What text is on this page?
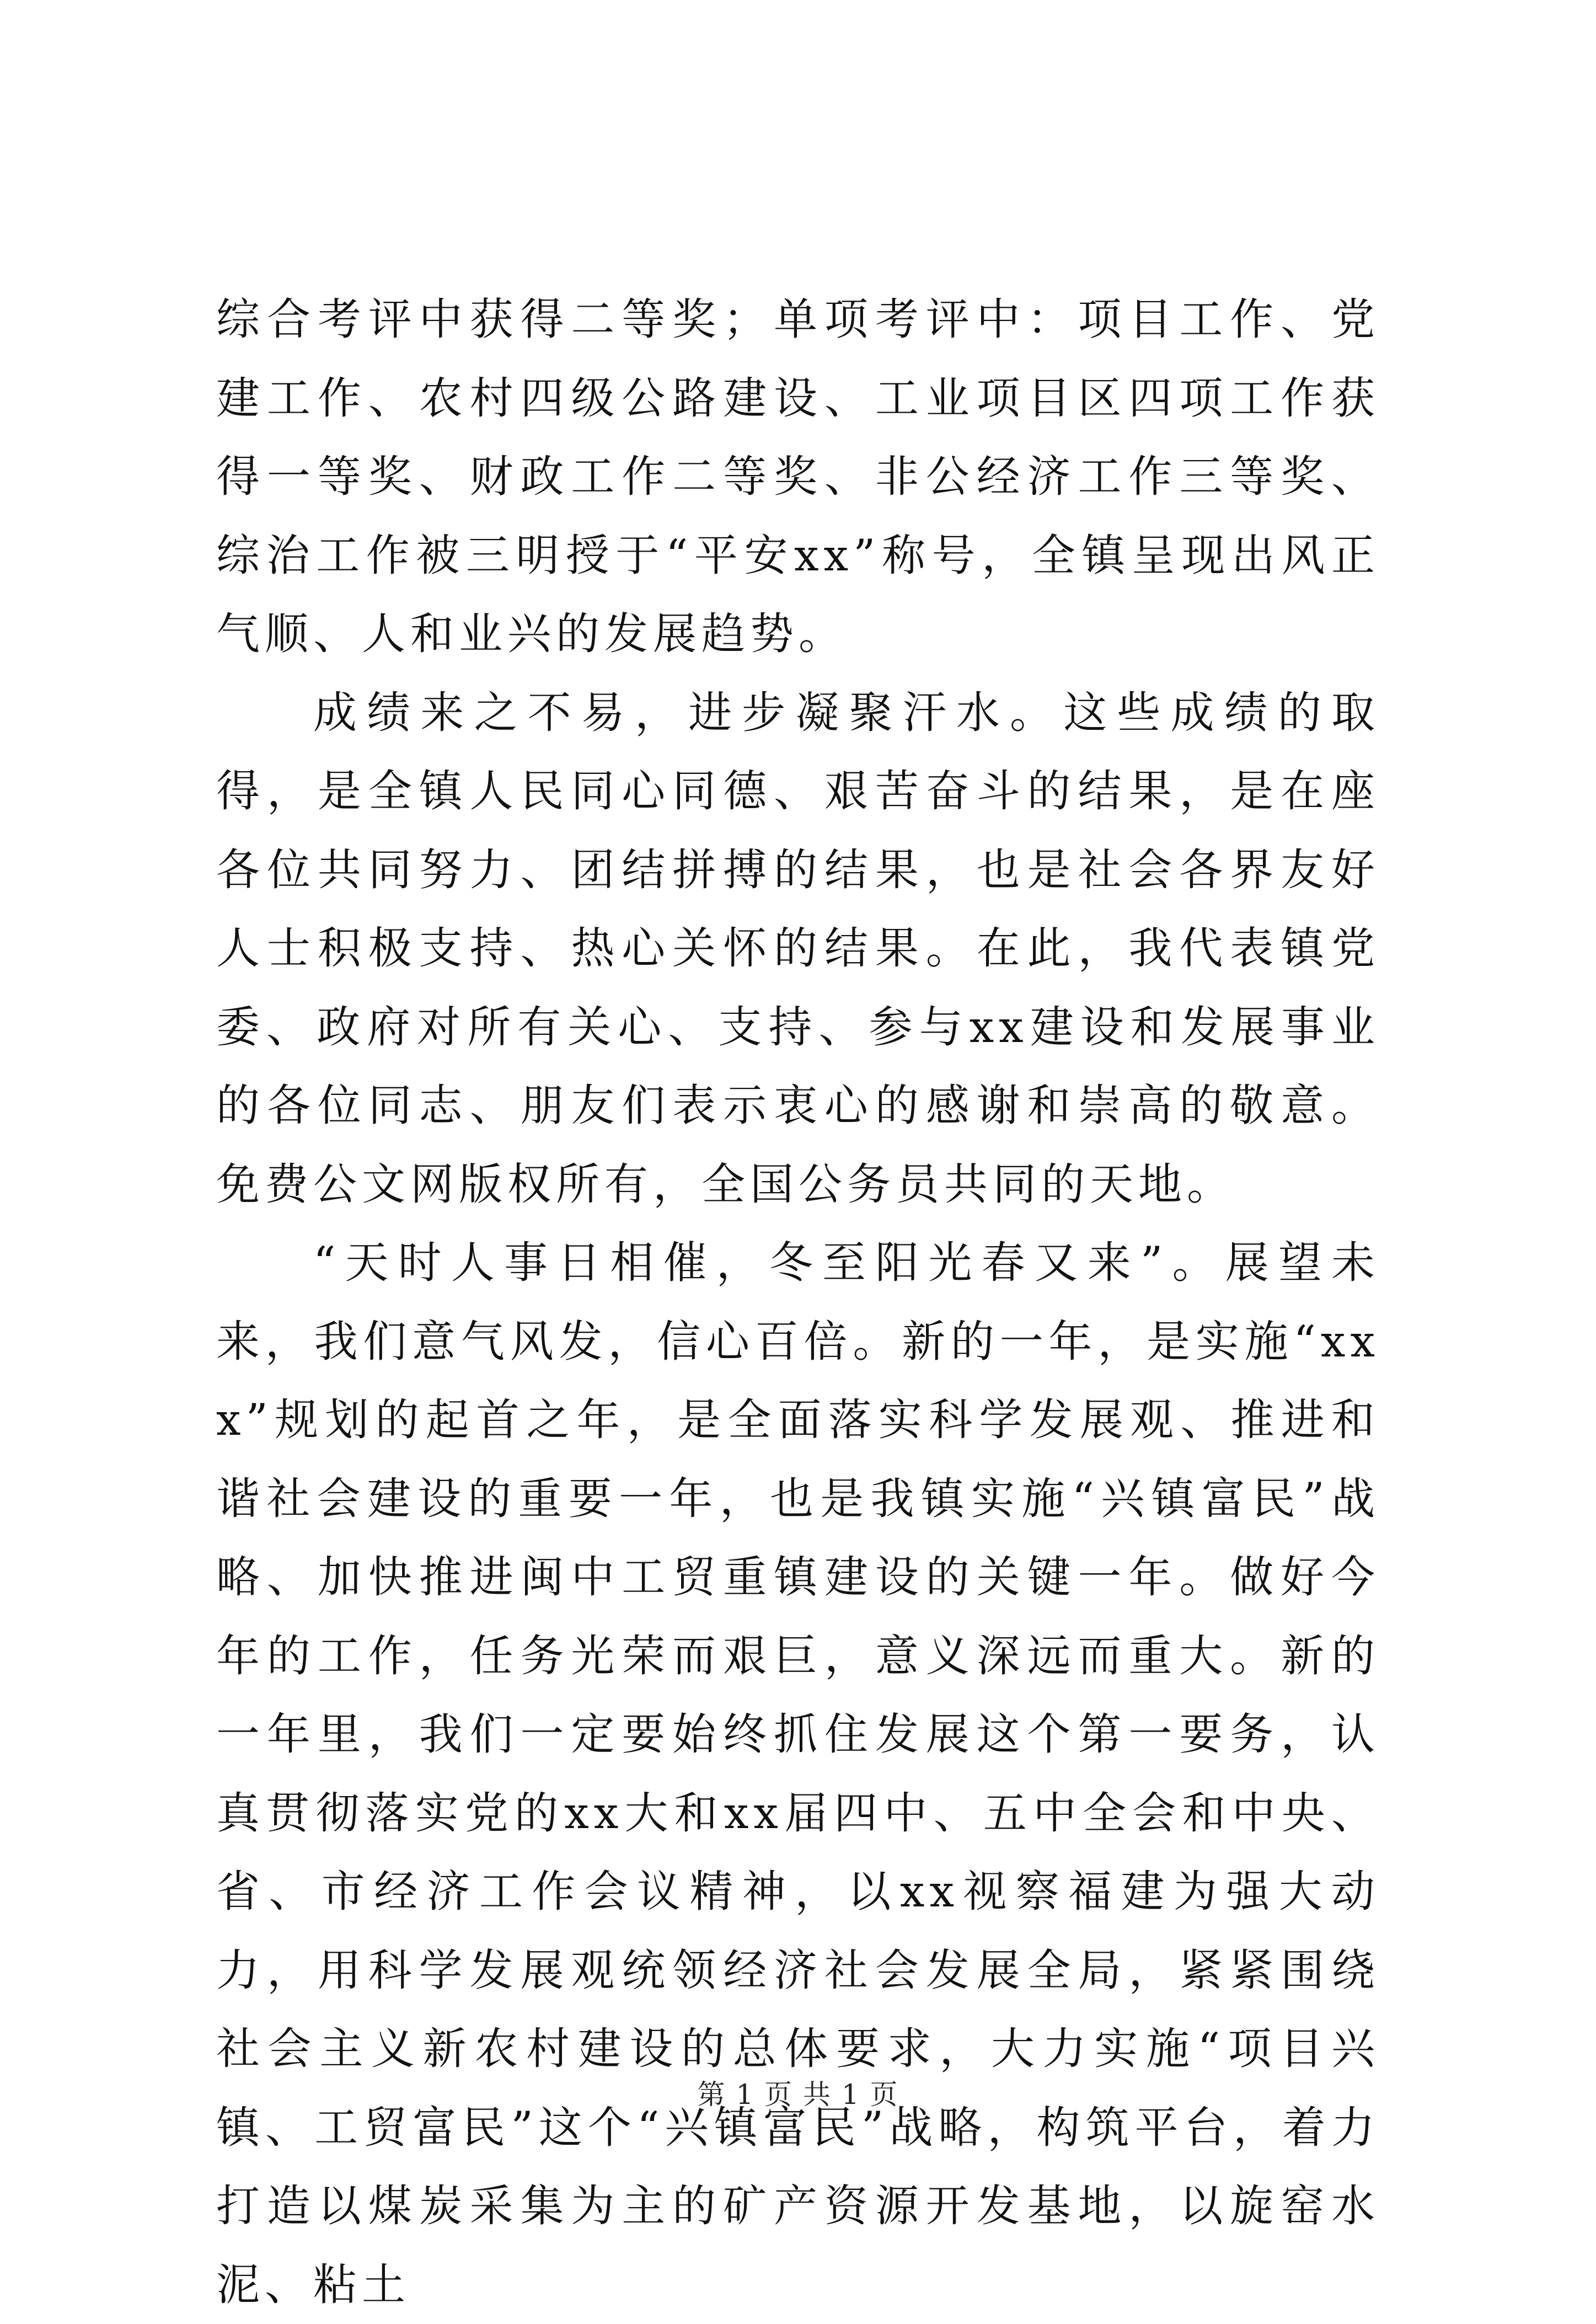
综合考评中获得二等奖；单项考评中：项目工作、党建工作、农村四级公路建设、工业项目区四项工作获得一等奖、财政工作二等奖、非公经济工作三等奖、综治工作被三明授于“平安xx”称号，全镇呈现出风正气顺、人和业兴的发展趋势。

成绩来之不易，进步凝聚汗水。这些成绩的取得，是全镇人民同心同德、艰苦奋斗的结果，是在座各位共同努力、团结拼搏的结果，也是社会各界友好人士积极支持、热心关怀的结果。在此，我代表镇党委、政府对所有关心、支持、参与xx建设和发展事业的各位同志、朋友们表示衷心的感谢和崇高的敬意。免费公文网版权所有，全国公务员共同的天地。

“天时人事日相催，冬至阳光春又来”。展望未来，我们意气风发，信心百倍。新的一年，是实施“xxx”规划的起首之年，是全面落实科学发展观、推进和谐社会建设的重要一年，也是我镇实施“兴镇富民”战略、加快推进闽中工贸重镇建设的关键一年。做好今年的工作，任务光荣而艰巨，意义深远而重大。新的一年里，我们一定要始终抓住发展这个第一要务，认真贯彻落实党的xx大和xx届四中、五中全会和中央、省、市经济工作会议精神，以xx视察福建为强大动力，用科学发展观统领经济社会发展全局，紧紧围绕社会主义新农村建设的总体要求，大力实施“项目兴镇、工贸富民”这个“兴镇富民”战略，构筑平台，着力打造以煤炭采集为主的矿产资源开发基地，以旋窑水泥、粘土

第 1 页 共 1 页
